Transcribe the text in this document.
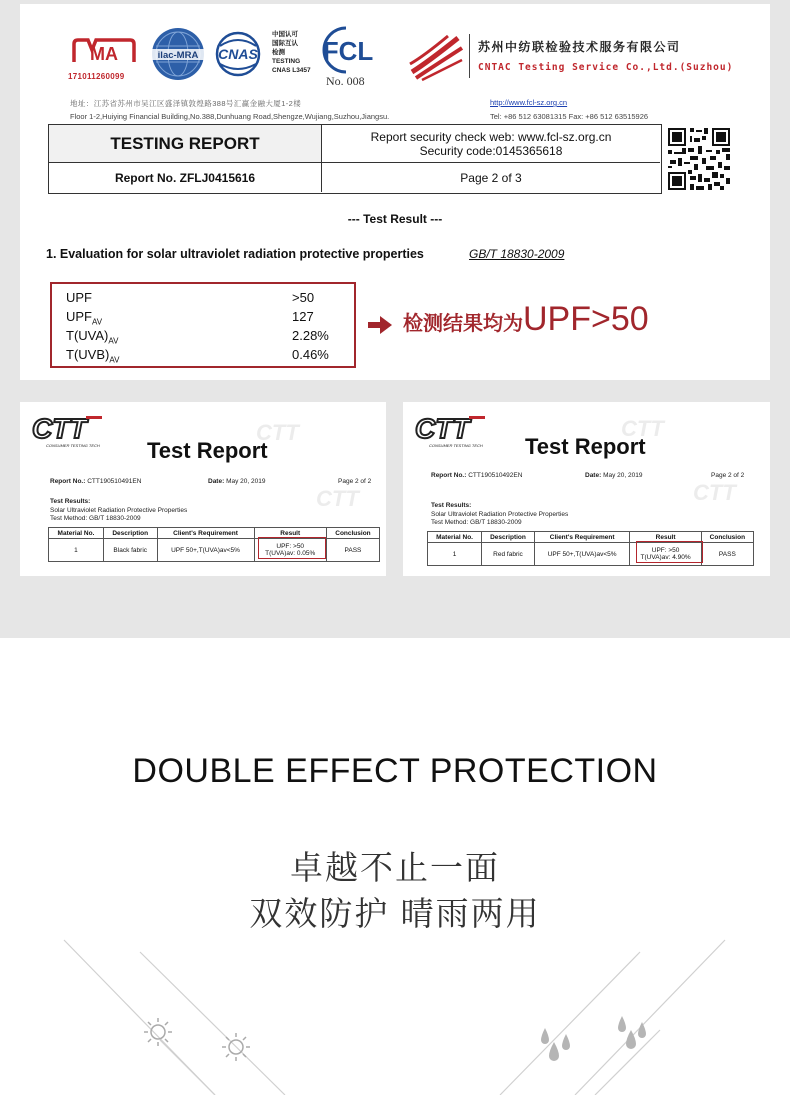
MA
171011260099
ilac-MRA CNAS
中国认可
国际互认
检测
TESTING
CNAS L3457
FCL
No. 008
苏州中纺联检验技术服务有限公司
CNTAC Testing Service Co.,Ltd.(Suzhou)
地址：江苏省苏州市吴江区盛泽镇敦煌路388号汇赢金融大厦1-2楼
Floor 1-2,Huiying Financial Building,No.388,Dunhuang Road,Shengze,Wujiang,Suzhou,Jiangsu.
http://www.fcl-sz.org.cn
Tel: +86 512 63081315 Fax: +86 512 63515926
TESTING REPORT	Report security check web: www.fcl-sz.org.cn
Security code:0145365618
Report No. ZFLJ0415616	Page 2 of 3
--- Test Result ---
1. Evaluation for solar ultraviolet radiation protective properties	GB/T 18830-2009
UPF	>50
$UPF_{AV}$	127
$T(UVA)_{AV}$	2.28%
$T(UVB)_{AV}$	0.46%
检测结果均为UPF>50
CTT
CONSUMER TESTING TECH
CTT
CTT
Test Report
Report No.: CTT190510491EN	Date: May 20, 2019	Page 2 of 2
Test Results:
Solar Ultraviolet Radiation Protective Properties
Test Method: GB/T 18830-2009
Material No.	Description	Client's Requirement	Result	Conclusion
1	Black fabric	UPF 50+,T(UVA)av<5%	UPF: >50
T(UVA)av: 0.05%	PASS
CTT
CONSUMER TESTING TECH
CTT
CTT
Test Report
Report No.: CTT190510492EN	Date: May 20, 2019	Page 2 of 2
Test Results:
Solar Ultraviolet Radiation Protective Properties
Test Method: GB/T 18830-2009
Material No.	Description	Client's Requirement	Result	Conclusion
1	Red fabric	UPF 50+,T(UVA)av<5%	UPF: >50
T(UVA)av: 4.90%	PASS
DOUBLE EFFECT PROTECTION
卓越不止一面
双效防护 晴雨两用
